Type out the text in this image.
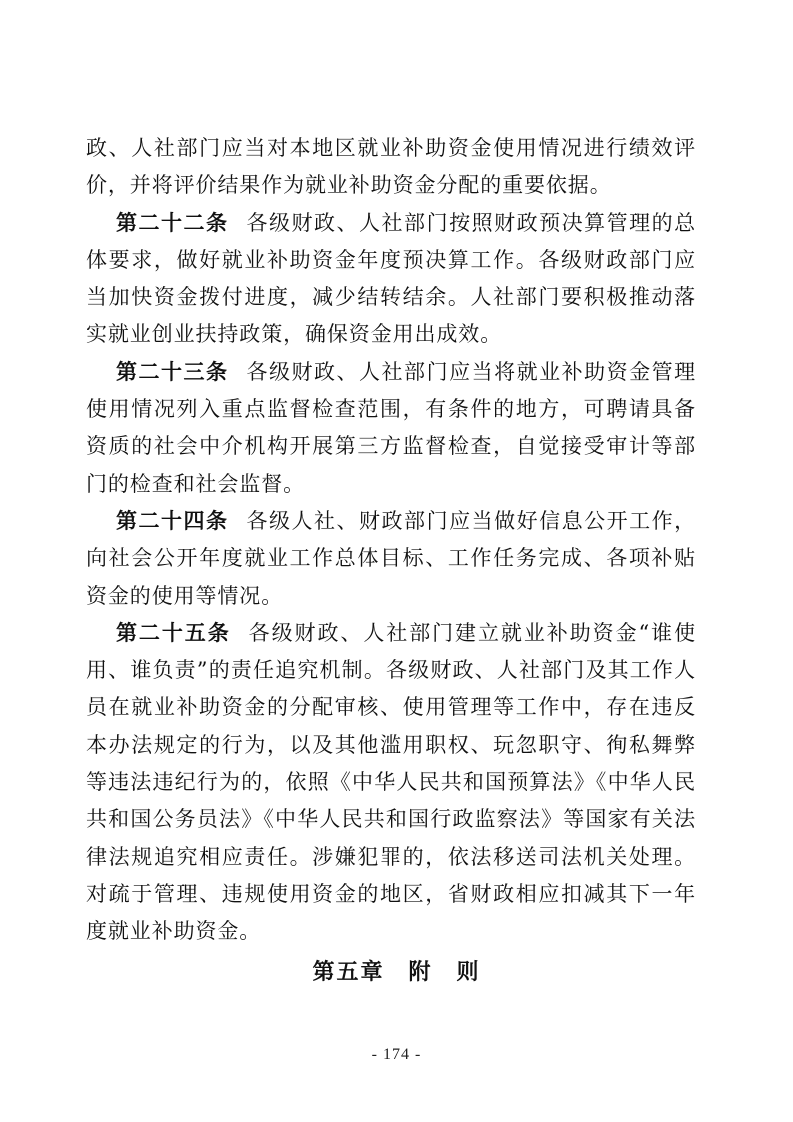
政、人社部门应当对本地区就业补助资金使用情况进行绩效评价，并将评价结果作为就业补助资金分配的重要依据。

第二十二条 各级财政、人社部门按照财政预决算管理的总体要求，做好就业补助资金年度预决算工作。各级财政部门应当加快资金拨付进度，减少结转结余。人社部门要积极推动落实就业创业扶持政策，确保资金用出成效。

第二十三条 各级财政、人社部门应当将就业补助资金管理使用情况列入重点监督检查范围，有条件的地方，可聘请具备资质的社会中介机构开展第三方监督检查，自觉接受审计等部门的检查和社会监督。

第二十四条 各级人社、财政部门应当做好信息公开工作，向社会公开年度就业工作总体目标、工作任务完成、各项补贴资金的使用等情况。

第二十五条 各级财政、人社部门建立就业补助资金“谁使用、谁负责”的责任追究机制。各级财政、人社部门及其工作人员在就业补助资金的分配审核、使用管理等工作中，存在违反本办法规定的行为，以及其他滥用职权、玩忽职守、徇私舞弊等违法违纪行为的，依照《中华人民共和国预算法》《中华人民共和国公务员法》《中华人民共和国行政监察法》等国家有关法律法规追究相应责任。涉嫌犯罪的，依法移送司法机关处理。对疏于管理、违规使用资金的地区，省财政相应扣减其下一年度就业补助资金。

第五章　附　则
- 174 -
